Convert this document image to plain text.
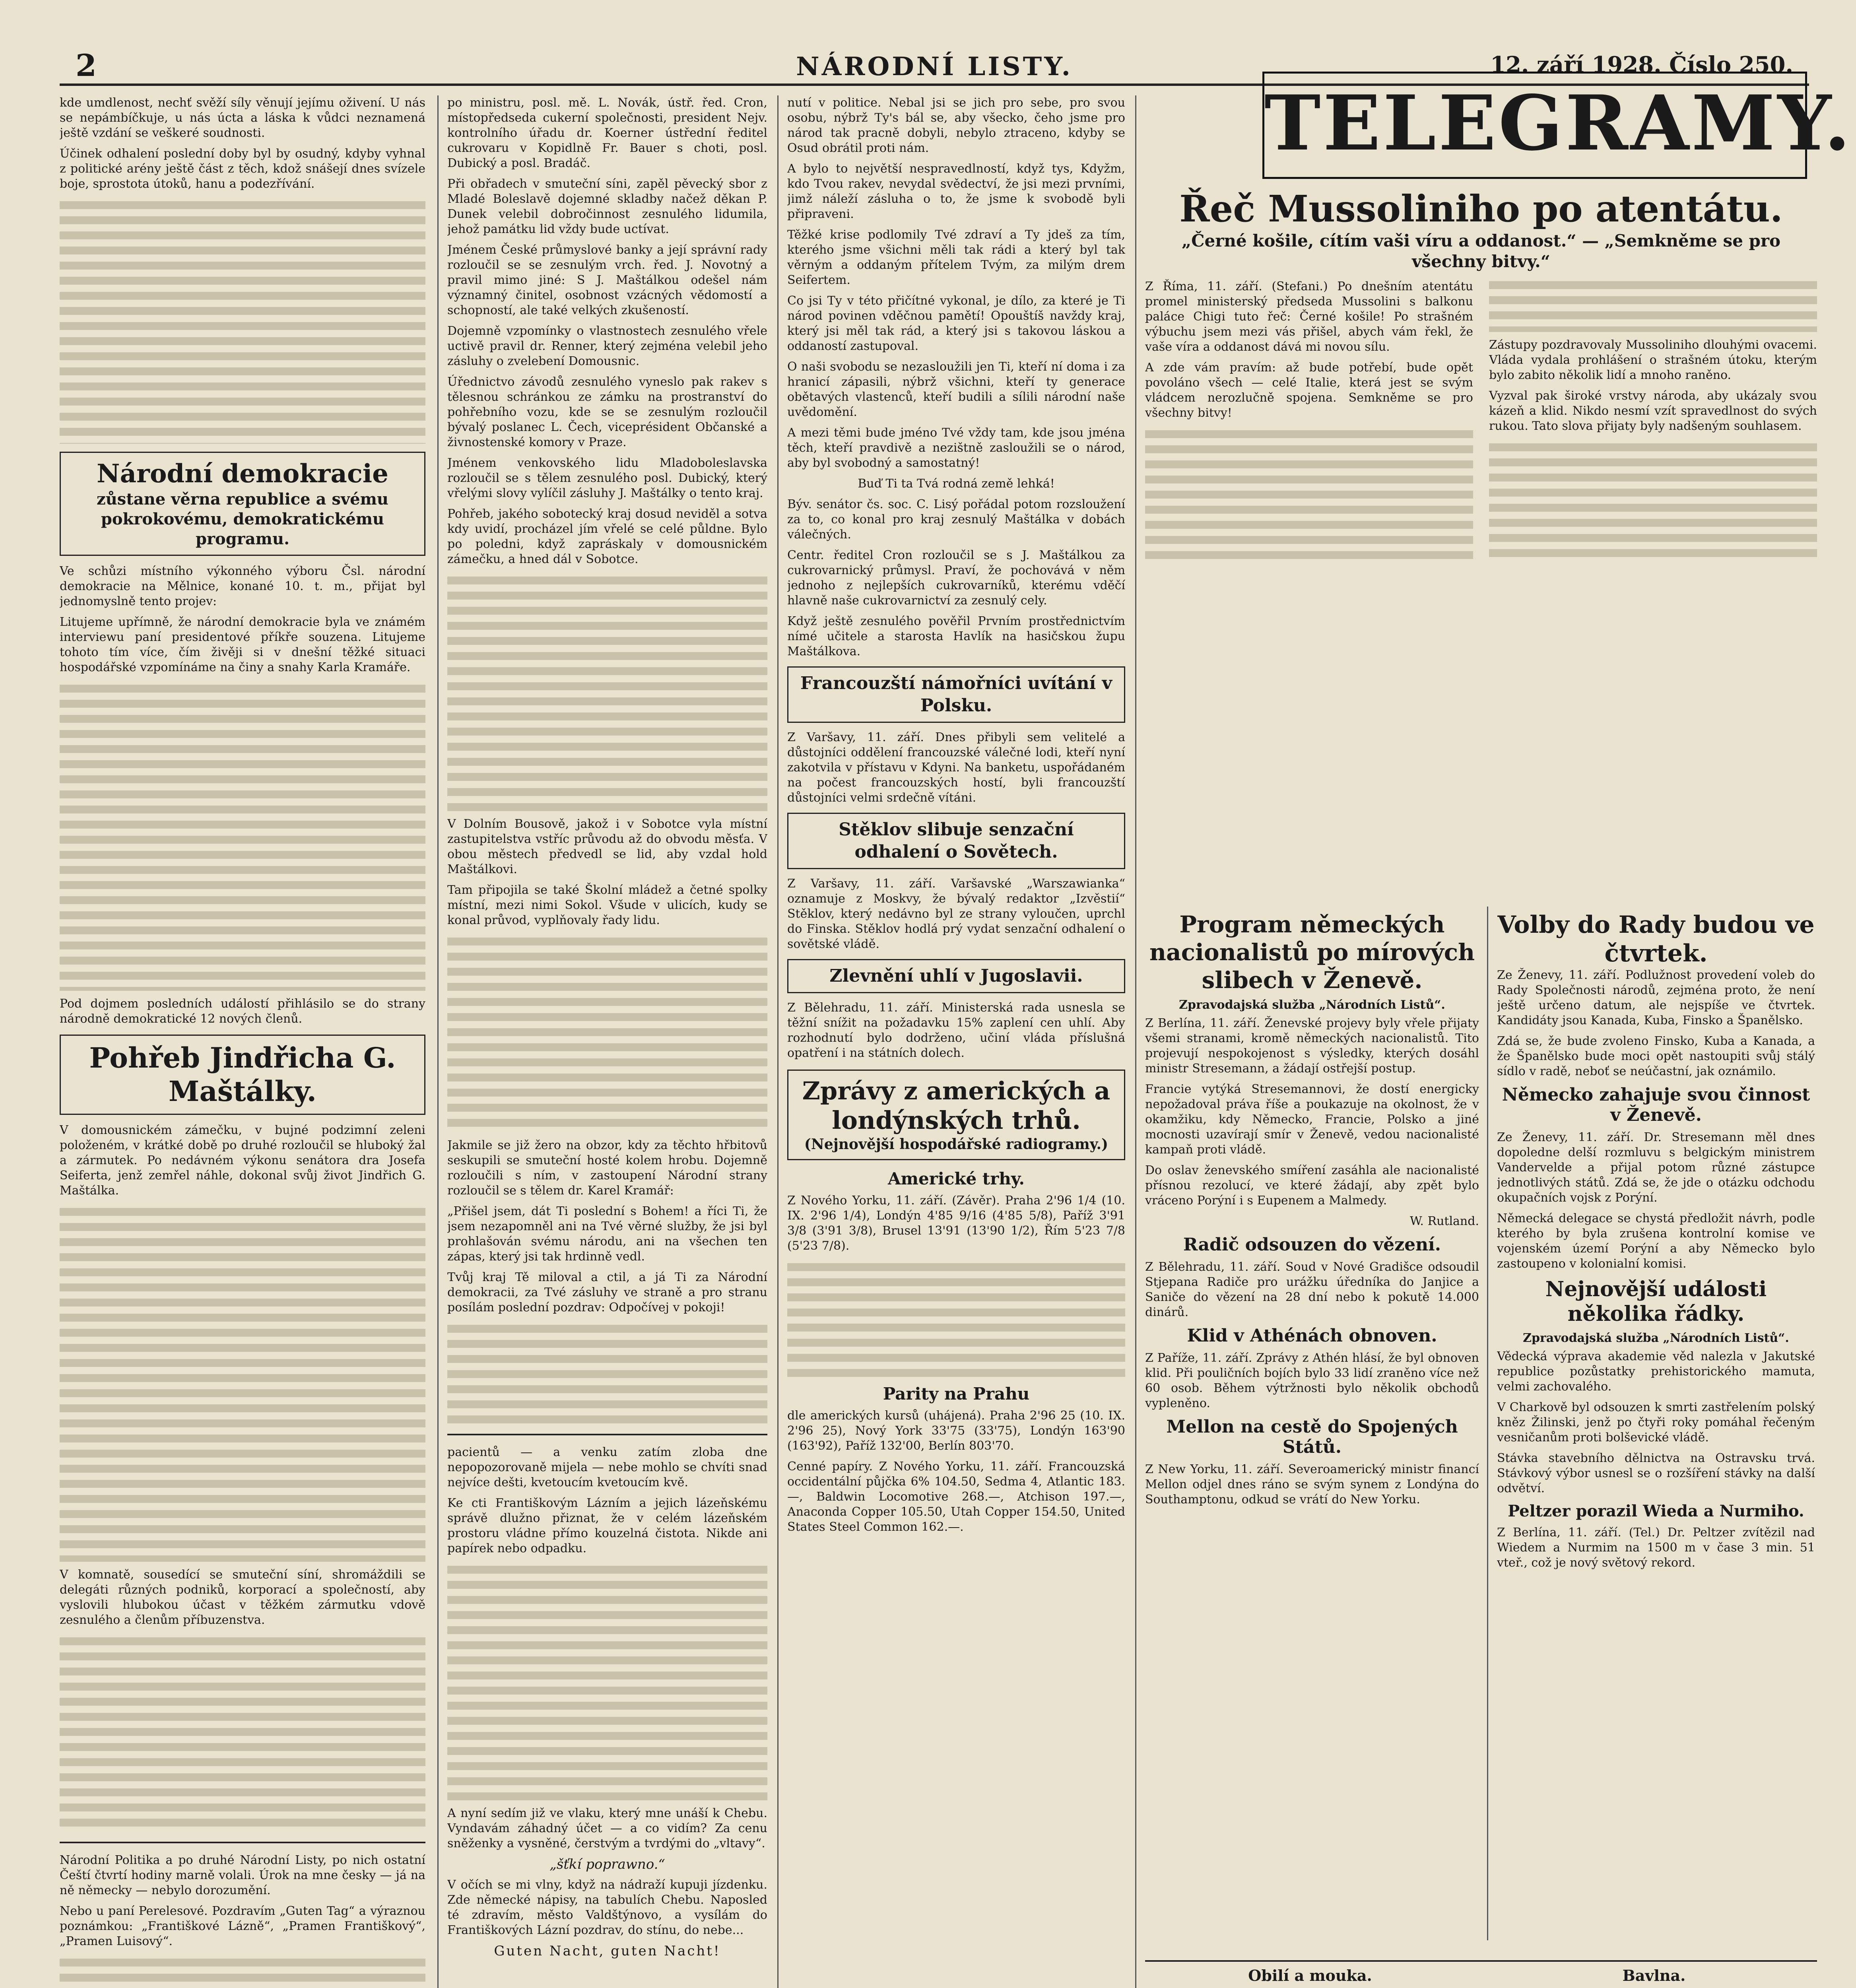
2	NÁRODNÍ LISTY.	12. září 1928. Číslo 250.

kde umdlenost, nechť svěží síly věnují jejímu oživení. U nás se nepámbíčkuje, u nás úcta a láska k vůdci neznamená ještě vzdání se veškeré soudnosti.

Účinek odhalení poslední doby byl by osudný, kdyby vyhnal z politické arény ještě část z těch, kdož snášejí dnes svízele boje, sprostota útoků, hanu a podezřívání.

Národní demokracie
zůstane věrna republice a svému pokrokovému, demokratickému programu.

Ve schůzi místního výkonného výboru Čsl. národní demokracie na Mělnice, konané 10. t. m., přijat byl jednomyslně tento projev:

Litujeme upřímně, že národní demokracie byla ve známém interviewu paní presidentové příkře souzena. Litujeme tohoto tím více, čím živěji si v dnešní těžké situaci hospodářské vzpomínáme na činy a snahy Karla Kramáře.

Pod dojmem posledních událostí přihlásilo se do strany národně demokratické 12 nových členů.

Pohřeb Jindřicha G. Maštálky.

V domousnickém zámečku, v bujné podzimní zeleni položeném, v krátké době po druhé rozloučil se hluboký žal a zármutek. Po nedávném výkonu senátora dra Josefa Seiferta, jenž zemřel náhle, dokonal svůj život Jindřich G. Maštálka.

V komnatě, sousedící se smuteční síní, shromáždili se delegáti různých podniků, korporací a společností, aby vyslovili hlubokou účast v těžkém zármutku vdově zesnulého a členům příbuzenstva.

Národní Politika a po druhé Národní Listy, po nich ostatní Čeští čtvrtí hodiny marně volali. Úrok na mne česky — já na ně německy — nebylo dorozumění.

Nebo u paní Perelesové. Pozdravím „Guten Tag“ a výraznou poznámkou: „Františkové Lázně“, „Pramen Františkový“, „Pramen Luisový“.

po ministru, posl. mě. L. Novák, ústř. řed. Cron, místopředseda cukerní společnosti, president Nejv. kontrolního úřadu dr. Koerner ústřední ředitel cukrovaru v Kopidlně Fr. Bauer s choti, posl. Dubický a posl. Bradáč.

Při obřadech v smuteční síni, zapěl pěvecký sbor z Mladé Boleslavě dojemné skladby načež děkan P. Dunek velebil dobročinnost zesnulého lidumila, jehož památku lid vždy bude uctívat.

Jménem České průmyslové banky a její správní rady rozloučil se se zesnulým vrch. řed. J. Novotný a pravil mimo jiné: S J. Maštálkou odešel nám významný činitel, osobnost vzácných vědomostí a schopností, ale také velkých zkušeností.

Dojemně vzpomínky o vlastnostech zesnulého vřele uctivě pravil dr. Renner, který zejména velebil jeho zásluhy o zvelebení Domousnic.

Úřednictvo závodů zesnulého vyneslo pak rakev s tělesnou schránkou ze zámku na prostranství do pohřebního vozu, kde se se zesnulým rozloučil bývalý poslanec L. Čech, viceprésident Občanské a živnostenské komory v Praze.

Jménem venkovského lidu Mladoboleslavska rozloučil se s tělem zesnulého posl. Dubický, který vřelými slovy vylíčil zásluhy J. Maštálky o tento kraj.

Pohřeb, jakého sobotecký kraj dosud neviděl a sotva kdy uvidí, procházel jím vřelé se celé půldne. Bylo po poledni, když zapráskaly v domousnickém zámečku, a hned dál v Sobotce.

V Dolním Bousově, jakož i v Sobotce vyla místní zastupitelstva vstříc průvodu až do obvodu měsťa. V obou městech předvedl se lid, aby vzdal hold Maštálkovi.

Tam připojila se také Školní mládež a četné spolky místní, mezi nimi Sokol. Všude v ulicích, kudy se konal průvod, vyplňovaly řady lidu.

Jakmile se již žero na obzor, kdy za těchto hřbitovů seskupili se smuteční hosté kolem hrobu. Dojemně rozloučili s ním, v zastoupení Národní strany rozloučil se s tělem dr. Karel Kramář:

„Přišel jsem, dát Ti poslední s Bohem! a říci Ti, že jsem nezapomněl ani na Tvé věrné služby, že jsi byl prohlašován svému národu, ani na všechen ten zápas, který jsi tak hrdinně vedl.

Tvůj kraj Tě miloval a ctil, a já Ti za Národní demokracii, za Tvé zásluhy ve straně a pro stranu posílám poslední pozdrav: Odpočívej v pokoji!

pacientů — a venku zatím zloba dne nepopozorovaně mijela — nebe mohlo se chvíti snad nejvíce dešti, kvetoucím kvetoucím kvě.

Ke cti Františkovým Lázním a jejich lázeňskému správě dlužno přiznat, že v celém lázeňském prostoru vládne přímo kouzelná čistota. Nikde ani papírek nebo odpadku.

A nyní sedím již ve vlaku, který mne unáší k Chebu. Vyndavám záhadný účet — a co vidím? Za cenu sněženky a vysněné, čerstvým a tvrdými do „vltavy“.

„šťkí poprawno.“

V očích se mi vlny, když na nádraží kupuji jízdenku. Zde německé nápisy, na tabulích Chebu. Naposled té zdravím, město Valdštýnovo, a vysílám do Františkových Lázní pozdrav, do stínu, do nebe...

Guten Nacht, guten Nacht!

nutí v politice. Nebal jsi se jich pro sebe, pro svou osobu, nýbrž Ty's bál se, aby všecko, čeho jsme pro národ tak pracně dobyli, nebylo ztraceno, kdyby se Osud obrátil proti nám.

A bylo to největší nespravedlností, když tys, Kdyžm, kdo Tvou rakev, nevydal svědectví, že jsi mezi prvními, jimž náleží zásluha o to, že jsme k svobodě byli připraveni.

Těžké krise podlomily Tvé zdraví a Ty jdeš za tím, kterého jsme všichni měli tak rádi a který byl tak věrným a oddaným přítelem Tvým, za milým drem Seifertem.

Co jsi Ty v této přičítné vykonal, je dílo, za které je Ti národ povinen vděčnou pamětí! Opouštíš navždy kraj, který jsi měl tak rád, a který jsi s takovou láskou a oddaností zastupoval.

O naši svobodu se nezasloužili jen Ti, kteří ní doma i za hranicí zápasili, nýbrž všichni, kteří ty generace obětavých vlastenců, kteří budili a sílili národní naše uvědomění.

A mezi těmi bude jméno Tvé vždy tam, kde jsou jména těch, kteří pravdivě a nezištně zasloužili se o národ, aby byl svobodný a samostatný!

Buď Ti ta Tvá rodná země lehká!

Býv. senátor čs. soc. C. Lisý pořádal potom rozsloužení za to, co konal pro kraj zesnulý Maštálka v dobách válečných.

Centr. ředitel Cron rozloučil se s J. Maštálkou za cukrovarnický průmysl. Praví, že pochovává v něm jednoho z nejlepších cukrovarníků, kterému vděčí hlavně naše cukrovarnictví za zesnulý cely.

Když ještě zesnulého pověřil Prvním prostřednictvím nímé učitele a starosta Havlík na hasičskou župu Maštálkova.

Francouzští námořníci uvítání v Polsku.

Z Varšavy, 11. září. Dnes přibyli sem velitelé a důstojníci oddělení francouzské válečné lodi, kteří nyní zakotvila v přístavu v Kdyni. Na banketu, uspořádaném na počest francouzských hostí, byli francouzští důstojníci velmi srdečně vítáni.

Stěklov slibuje senzační odhalení o Sovětech.

Z Varšavy, 11. září. Varšavské „Warszawianka“ oznamuje z Moskvy, že bývalý redaktor „Izvěstií“ Stěklov, který nedávno byl ze strany vyloučen, uprchl do Finska. Stěklov hodlá prý vydat senzační odhalení o sovětské vládě.

Zlevnění uhlí v Jugoslavii.

Z Bělehradu, 11. září. Ministerská rada usnesla se těžní snížit na požadavku 15% zaplení cen uhlí. Aby rozhodnutí bylo dodrženo, učiní vláda příslušná opatření i na státních dolech.

Zprávy z amerických a londýnských trhů.
(Nejnovější hospodářské radiogramy.)
Americké trhy.

Z Nového Yorku, 11. září. (Závěr). Praha 2'96 1/4 (10. IX. 2'96 1/4), Londýn 4'85 9/16 (4'85 5/8), Paříž 3'91 3/8 (3'91 3/8), Brusel 13'91 (13'90 1/2), Řím 5'23 7/8 (5'23 7/8).

Parity na Prahu

dle amerických kursů (uhájená). Praha 2'96 25 (10. IX. 2'96 25), Nový York 33'75 (33'75), Londýn 163'90 (163'92), Paříž 132'00, Berlín 803'70.

Cenné papíry. Z Nového Yorku, 11. září. Francouzská occidentální půjčka 6% 104.50, Sedma 4, Atlantic 183.—, Baldwin Locomotive 268.—, Atchison 197.—, Anaconda Copper 105.50, Utah Copper 154.50, United States Steel Common 162.—.

TELEGRAMY.
Řeč Mussoliniho po atentátu.
„Černé košile, cítím vaši víru a oddanost.“ — „Semkněme se pro všechny bitvy.“

Z Říma, 11. září. (Stefani.) Po dnešním atentátu promel ministerský předseda Mussolini s balkonu paláce Chigi tuto řeč: Černé košile! Po strašném výbuchu jsem mezi vás přišel, abych vám řekl, že vaše víra a oddanost dává mi novou sílu.

A zde vám pravím: až bude potřebí, bude opět povoláno všech — celé Italie, která jest se svým vládcem nerozlučně spojena. Semkněme se pro všechny bitvy!

Zástupy pozdravovaly Mussoliniho dlouhými ovacemi. Vláda vydala prohlášení o strašném útoku, kterým bylo zabito několik lidí a mnoho raněno.

Vyzval pak široké vrstvy národa, aby ukázaly svou kázeň a klid. Nikdo nesmí vzít spravedlnost do svých rukou. Tato slova přijaty byly nadšeným souhlasem.

Program německých nacionalistů po mírových slibech v Ženevě.
Zpravodajská služba „Národních Listů“.

Z Berlína, 11. září. Ženevské projevy byly vřele přijaty všemi stranami, kromě německých nacionalistů. Tito projevují nespokojenost s výsledky, kterých dosáhl ministr Stresemann, a žádají ostřejší postup.

Francie vytýká Stresemannovi, že dostí energicky nepožadoval práva říše a poukazuje na okolnost, že v okamžiku, kdy Německo, Francie, Polsko a jiné mocnosti uzavírají smír v Ženevě, vedou nacionalisté kampaň proti vládě.

Do oslav ženevského smíření zasáhla ale nacionalisté přísnou rezolucí, ve které žádají, aby zpět bylo vráceno Porýní i s Eupenem a Malmedy.

W. Rutland.

Radič odsouzen do vězení.

Z Bělehradu, 11. září. Soud v Nové Gradišce odsoudil Stjepana Radiče pro urážku úředníka do Janjice a Saniče do vězení na 28 dní nebo k pokutě 14.000 dinárů.

Klid v Athénách obnoven.

Z Paříže, 11. září. Zprávy z Athén hlásí, že byl obnoven klid. Při pouličních bojích bylo 33 lidí zraněno více než 60 osob. Během výtržnosti bylo několik obchodů vypleněno.

Mellon na cestě do Spojených Států.

Z New Yorku, 11. září. Severoamerický ministr financí Mellon odjel dnes ráno se svým synem z Londýna do Southamptonu, odkud se vrátí do New Yorku.

Volby do Rady budou ve čtvrtek.

Ze Ženevy, 11. září. Podlužnost provedení voleb do Rady Společnosti národů, zejména proto, že není ještě určeno datum, ale nejspíše ve čtvrtek. Kandidáty jsou Kanada, Kuba, Finsko a Španělsko.

Zdá se, že bude zvoleno Finsko, Kuba a Kanada, a že Španělsko bude moci opět nastoupiti svůj stálý sídlo v radě, neboť se neúčastní, jak oznámilo.

Německo zahajuje svou činnost v Ženevě.

Ze Ženevy, 11. září. Dr. Stresemann měl dnes dopoledne delší rozmluvu s belgickým ministrem Vandervelde a přijal potom různé zástupce jednotlivých států. Zdá se, že jde o otázku odchodu okupačních vojsk z Porýní.

Německá delegace se chystá předložit návrh, podle kterého by byla zrušena kontrolní komise ve vojenském území Porýní a aby Německo bylo zastoupeno v kolonialní komisi.

Nejnovější události několika řádky.
Zpravodajská služba „Národních Listů“.

Vědecká výprava akademie věd nalezla v Jakutské republice pozůstatky prehistorického mamuta, velmi zachovalého.

V Charkově byl odsouzen k smrti zastřelením polský kněz Žilinski, jenž po čtyři roky pomáhal řečeným vesničanům proti bolševické vládě.

Stávka stavebního dělnictva na Ostravsku trvá. Stávkový výbor usnesl se o rozšíření stávky na další odvětví.

Peltzer porazil Wieda a Nurmiho.

Z Berlína, 11. září. (Tel.) Dr. Peltzer zvítězil nad Wiedem a Nurmim na 1500 m v čase 3 min. 51 vteř., což je nový světový rekord.

Obilí a mouka.	Bavlna.
